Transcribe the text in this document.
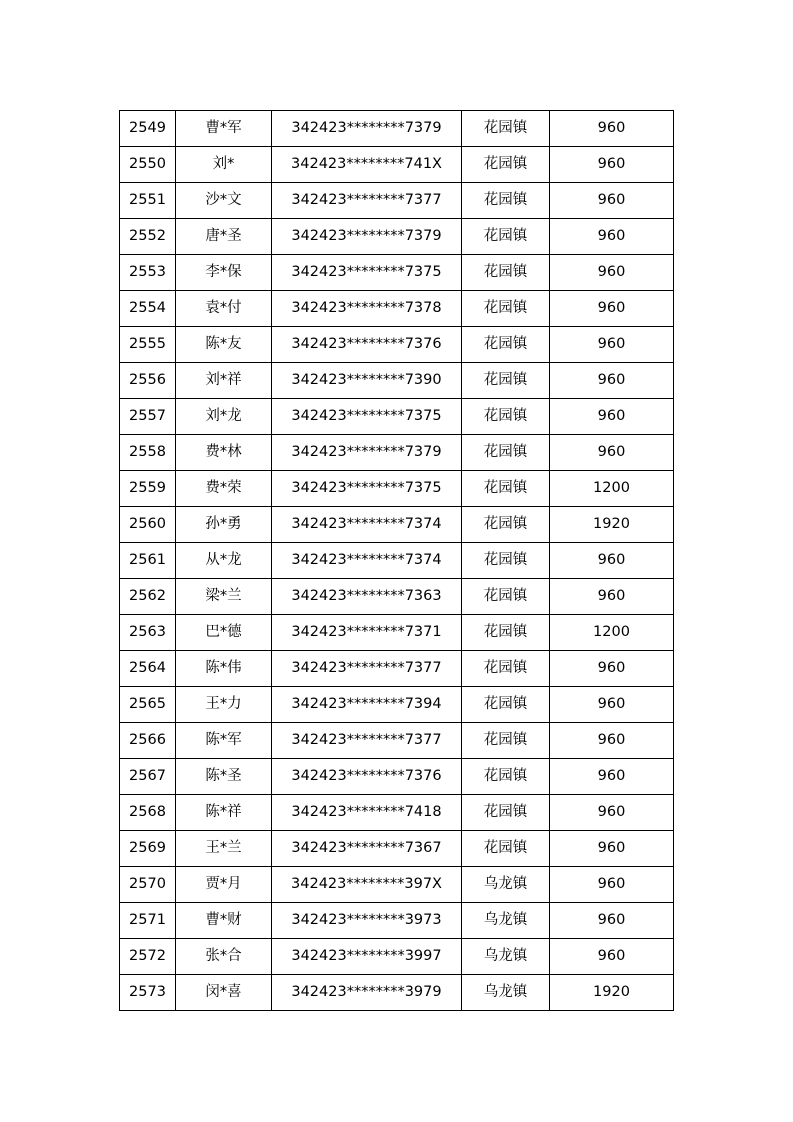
2549	曹*军	342423********7379	花园镇	960
2550	刘*	342423********741X	花园镇	960
2551	沙*文	342423********7377	花园镇	960
2552	唐*圣	342423********7379	花园镇	960
2553	李*保	342423********7375	花园镇	960
2554	袁*付	342423********7378	花园镇	960
2555	陈*友	342423********7376	花园镇	960
2556	刘*祥	342423********7390	花园镇	960
2557	刘*龙	342423********7375	花园镇	960
2558	费*林	342423********7379	花园镇	960
2559	费*荣	342423********7375	花园镇	1200
2560	孙*勇	342423********7374	花园镇	1920
2561	从*龙	342423********7374	花园镇	960
2562	梁*兰	342423********7363	花园镇	960
2563	巴*德	342423********7371	花园镇	1200
2564	陈*伟	342423********7377	花园镇	960
2565	王*力	342423********7394	花园镇	960
2566	陈*军	342423********7377	花园镇	960
2567	陈*圣	342423********7376	花园镇	960
2568	陈*祥	342423********7418	花园镇	960
2569	王*兰	342423********7367	花园镇	960
2570	贾*月	342423********397X	乌龙镇	960
2571	曹*财	342423********3973	乌龙镇	960
2572	张*合	342423********3997	乌龙镇	960
2573	闵*喜	342423********3979	乌龙镇	1920
